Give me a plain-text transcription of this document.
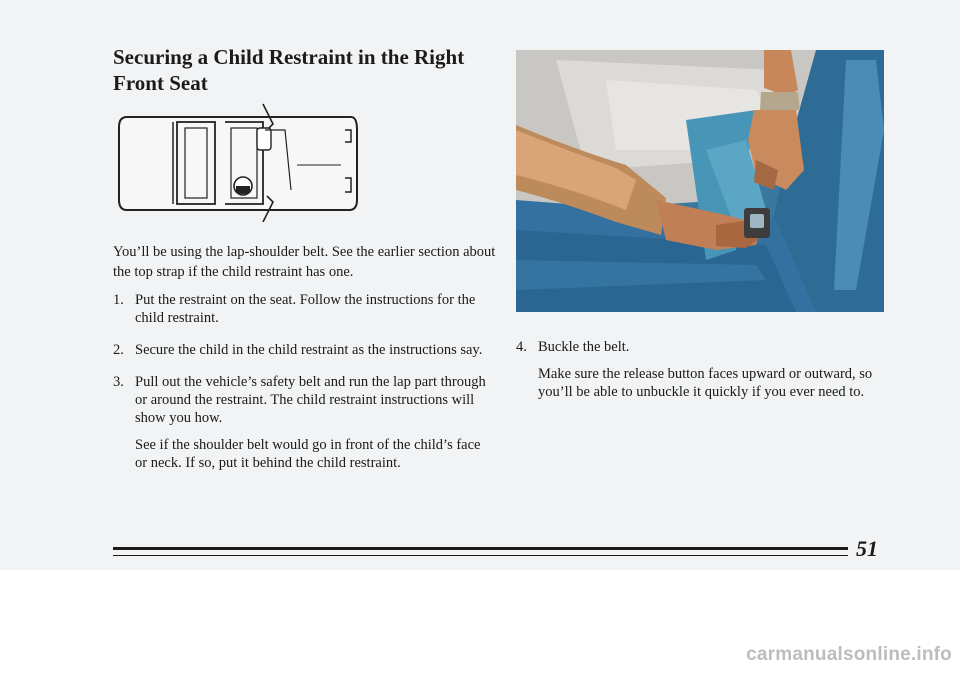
Securing a Child Restraint in the Right Front Seat

You’ll be using the lap-shoulder belt. See the earlier section about the top strap if the child restraint has one.

1. Put the restraint on the seat. Follow the instructions for the child restraint.

2. Secure the child in the child restraint as the instructions say.

3. Pull out the vehicle’s safety belt and run the lap part through or around the restraint. The child restraint instructions will show you how.

See if the shoulder belt would go in front of the child’s face or neck. If so, put it behind the child restraint.

4. Buckle the belt.

Make sure the release button faces upward or outward, so you’ll be able to unbuckle it quickly if you ever need to.

51
carmanualsonline.info
